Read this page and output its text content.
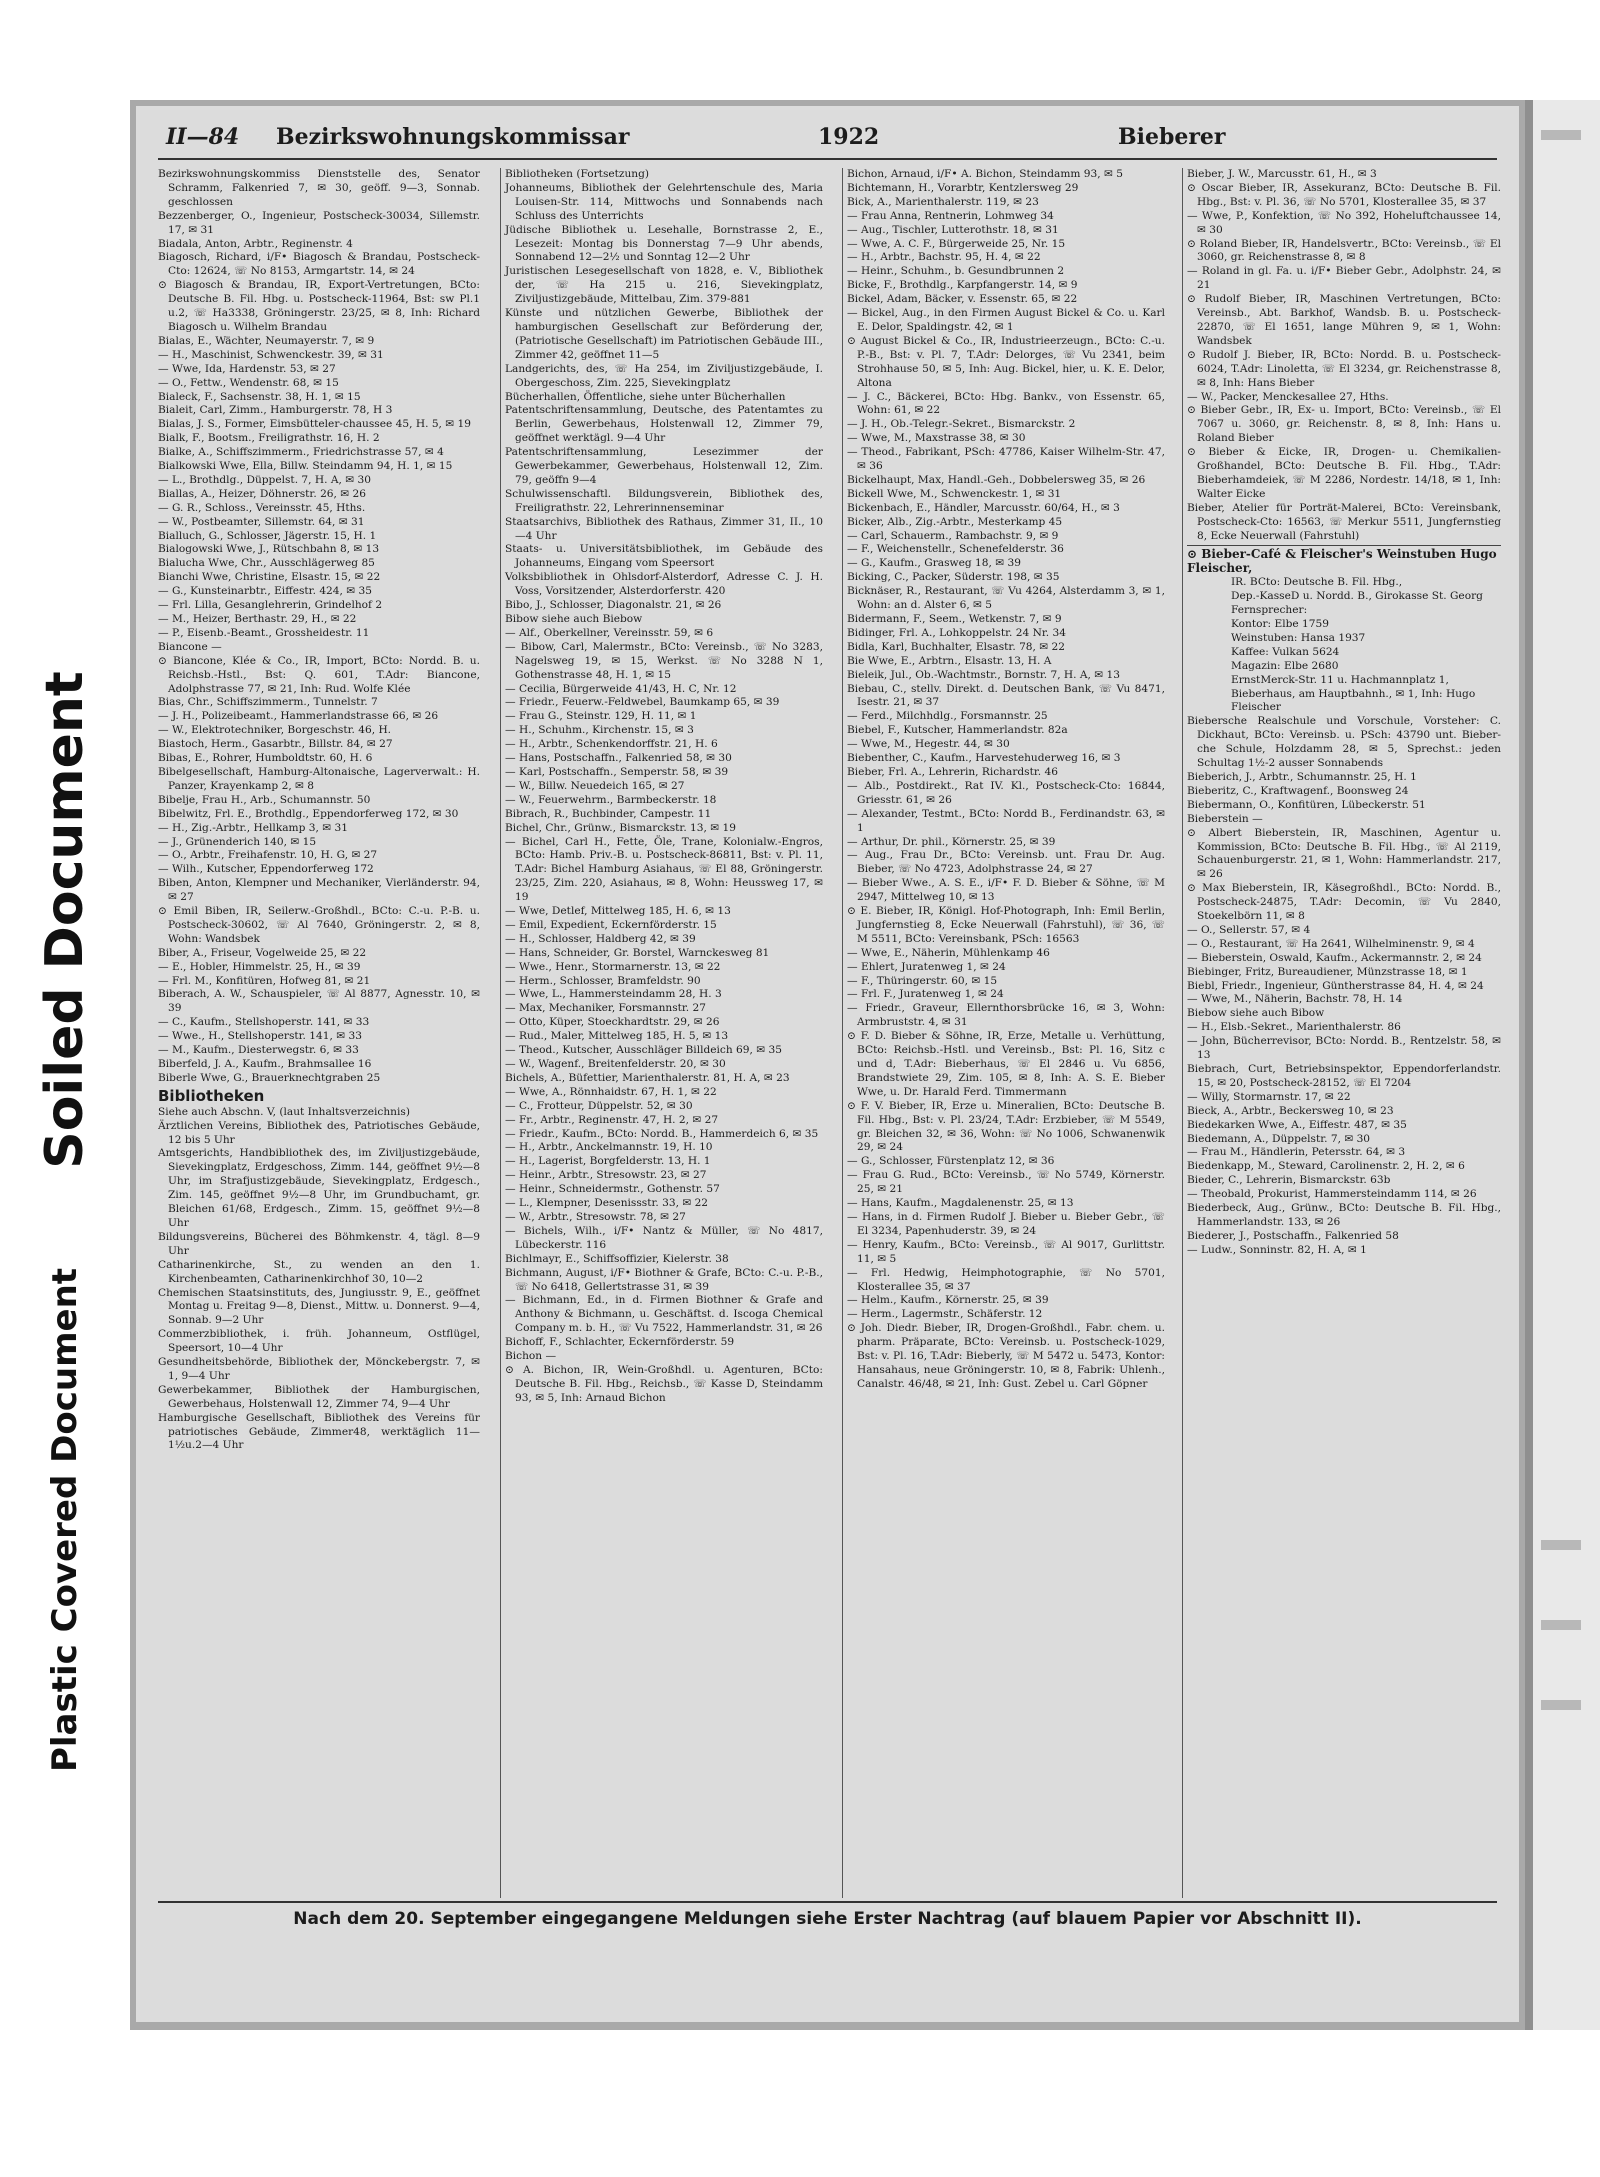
Soiled Document
Plastic Covered Document
II—84 Bezirkswohnungskommissar	1922	Bieberer
Bezirkswohnungskommiss Dienststelle des, Senator Schramm, Falkenried 7, ✉ 30, geöff. 9—3, Sonnab. geschlossen
Bezzenberger, O., Ingenieur, Postscheck-30034, Sillemstr. 17, ✉ 31
Biadala, Anton, Arbtr., Reginenstr. 4
Biagosch, Richard, i/F• Biagosch & Brandau, Postscheck-Cto: 12624, ☏ No 8153, Armgartstr. 14, ✉ 24
⊙ Biagosch & Brandau, IR, Export-Vertretungen, BCto: Deutsche B. Fil. Hbg. u. Postscheck-11964, Bst: sw Pl.1 u.2, ☏ Ha3338, Gröningerstr. 23/25, ✉ 8, Inh: Richard Biagosch u. Wilhelm Brandau
Bialas, E., Wächter, Neumayerstr. 7, ✉ 9
— H., Maschinist, Schwenckestr. 39, ✉ 31
— Wwe, Ida, Hardenstr. 53, ✉ 27
— O., Fettw., Wendenstr. 68, ✉ 15
Bialeck, F., Sachsenstr. 38, H. 1, ✉ 15
Bialeit, Carl, Zimm., Hamburgerstr. 78, H 3
Bialas, J. S., Former, Eimsbütteler-chaussee 45, H. 5, ✉ 19
Bialk, F., Bootsm., Freiligrathstr. 16, H. 2
Bialke, A., Schiffszimmerm., Friedrichstrasse 57, ✉ 4
Bialkowski Wwe, Ella, Billw. Steindamm 94, H. 1, ✉ 15
— L., Brothdlg., Düppelst. 7, H. A, ✉ 30
Biallas, A., Heizer, Döhnerstr. 26, ✉ 26
— G. R., Schloss., Vereinsstr. 45, Hths.
— W., Postbeamter, Sillemstr. 64, ✉ 31
Bialluch, G., Schlosser, Jägerstr. 15, H. 1
Bialogowski Wwe, J., Rütschbahn 8, ✉ 13
Bialucha Wwe, Chr., Ausschlägerweg 85
Bianchi Wwe, Christine, Elsastr. 15, ✉ 22
— G., Kunsteinarbtr., Eiffestr. 424, ✉ 35
— Frl. Lilla, Gesanglehrerin, Grindelhof 2
— M., Heizer, Berthastr. 29, H., ✉ 22
— P., Eisenb.-Beamt., Grossheidestr. 11
Biancone —
⊙ Biancone, Klée & Co., IR, Import, BCto: Nordd. B. u. Reichsb.-Hstl., Bst: Q. 601, T.Adr: Biancone, Adolphstrasse 77, ✉ 21, Inh: Rud. Wolfe Klée
Bias, Chr., Schiffszimmerm., Tunnelstr. 7
— J. H., Polizeibeamt., Hammerlandstrasse 66, ✉ 26
— W., Elektrotechniker, Borgeschstr. 46, H.
Biastoch, Herm., Gasarbtr., Billstr. 84, ✉ 27
Bibas, E., Rohrer, Humboldtstr. 60, H. 6
Bibelgesellschaft, Hamburg-Altonaische, Lagerverwalt.: H. Panzer, Krayenkamp 2, ✉ 8
Bibelje, Frau H., Arb., Schumannstr. 50
Bibelwitz, Frl. E., Brothdlg., Eppendorferweg 172, ✉ 30
— H., Zig.-Arbtr., Hellkamp 3, ✉ 31
— J., Grünenderich 140, ✉ 15
— O., Arbtr., Freihafenstr. 10, H. G, ✉ 27
— Wilh., Kutscher, Eppendorferweg 172
Biben, Anton, Klempner und Mechaniker, Vierländerstr. 94, ✉ 27
⊙ Emil Biben, IR, Seilerw.-Großhdl., BCto: C.-u. P.-B. u. Postscheck-30602, ☏ Al 7640, Gröningerstr. 2, ✉ 8, Wohn: Wandsbek
Biber, A., Friseur, Vogelweide 25, ✉ 22
— E., Hobler, Himmelstr. 25, H., ✉ 39
— Frl. M., Konfitüren, Hofweg 81, ✉ 21
Biberach, A. W., Schauspieler, ☏ Al 8877, Agnesstr. 10, ✉ 39
— C., Kaufm., Stellshoperstr. 141, ✉ 33
— Wwe., H., Stellshoperstr. 141, ✉ 33
— M., Kaufm., Diesterwegstr. 6, ✉ 33
Biberfeld, J. A., Kaufm., Brahmsallee 16
Biberle Wwe, G., Brauerknechtgraben 25
Bibliotheken
Siehe auch Abschn. V, (laut Inhaltsverzeichnis)
Ärztlichen Vereins, Bibliothek des, Patriotisches Gebäude, 12 bis 5 Uhr
Amtsgerichts, Handbibliothek des, im Ziviljustizgebäude, Sievekingplatz, Erdgeschoss, Zimm. 144, geöffnet 9½—8 Uhr, im Strafjustizgebäude, Sievekingplatz, Erdgesch., Zim. 145, geöffnet 9½—8 Uhr, im Grundbuchamt, gr. Bleichen 61/68, Erdgesch., Zimm. 15, geöffnet 9½—8 Uhr
Bildungsvereins, Bücherei des Böhmkenstr. 4, tägl. 8—9 Uhr
Catharinenkirche, St., zu wenden an den 1. Kirchenbeamten, Catharinenkirchhof 30, 10—2
Chemischen Staatsinstituts, des, Jungiusstr. 9, E., geöffnet Montag u. Freitag 9—8, Dienst., Mittw. u. Donnerst. 9—4, Sonnab. 9—2 Uhr
Commerzbibliothek, i. früh. Johanneum, Ostflügel, Speersort, 10—4 Uhr
Gesundheitsbehörde, Bibliothek der, Mönckebergstr. 7, ✉ 1, 9—4 Uhr
Gewerbekammer, Bibliothek der Hamburgischen, Gewerbehaus, Holstenwall 12, Zimmer 74, 9—4 Uhr
Hamburgische Gesellschaft, Bibliothek des Vereins für patriotisches Gebäude, Zimmer48, werktäglich 11—1½u.2—4 Uhr
Bibliotheken (Fortsetzung)
Johanneums, Bibliothek der Gelehrtenschule des, Maria Louisen-Str. 114, Mittwochs und Sonnabends nach Schluss des Unterrichts
Jüdische Bibliothek u. Lesehalle, Bornstrasse 2, E., Lesezeit: Montag bis Donnerstag 7—9 Uhr abends, Sonnabend 12—2½ und Sonntag 12—2 Uhr
Juristischen Lesegesellschaft von 1828, e. V., Bibliothek der, ☏ Ha 215 u. 216, Sievekingplatz, Ziviljustizgebäude, Mittelbau, Zim. 379-881
Künste und nützlichen Gewerbe, Bibliothek der hamburgischen Gesellschaft zur Beförderung der, (Patriotische Gesellschaft) im Patriotischen Gebäude III., Zimmer 42, geöffnet 11—5
Landgerichts, des, ☏ Ha 254, im Ziviljustizgebäude, I. Obergeschoss, Zim. 225, Sievekingplatz
Bücherhallen, Öffentliche, siehe unter Bücherhallen
Patentschriftensammlung, Deutsche, des Patentamtes zu Berlin, Gewerbehaus, Holstenwall 12, Zimmer 79, geöffnet werktägl. 9—4 Uhr
Patentschriftensammlung, Lesezimmer der Gewerbekammer, Gewerbehaus, Holstenwall 12, Zim. 79, geöffn 9—4
Schulwissenschaftl. Bildungsverein, Bibliothek des, Freiligrathstr. 22, Lehrerinnenseminar
Staatsarchivs, Bibliothek des Rathaus, Zimmer 31, II., 10—4 Uhr
Staats- u. Universitätsbibliothek, im Gebäude des Johanneums, Eingang vom Speersort
Volksbibliothek in Ohlsdorf-Alsterdorf, Adresse C. J. H. Voss, Vorsitzender, Alsterdorferstr. 420
Bibo, J., Schlosser, Diagonalstr. 21, ✉ 26
Bibow siehe auch Biebow
— Alf., Oberkellner, Vereinsstr. 59, ✉ 6
— Bibow, Carl, Malermstr., BCto: Vereinsb., ☏ No 3283, Nagelsweg 19, ✉ 15, Werkst. ☏ No 3288 N 1, Gothenstrasse 48, H. 1, ✉ 15
— Cecilia, Bürgerweide 41/43, H. C, Nr. 12
— Friedr., Feuerw.-Feldwebel, Baumkamp 65, ✉ 39
— Frau G., Steinstr. 129, H. 11, ✉ 1
— H., Schuhm., Kirchenstr. 15, ✉ 3
— H., Arbtr., Schenkendorffstr. 21, H. 6
— Hans, Postschaffn., Falkenried 58, ✉ 30
— Karl, Postschaffn., Semperstr. 58, ✉ 39
— W., Billw. Neuedeich 165, ✉ 27
— W., Feuerwehrm., Barmbeckerstr. 18
Bibrach, R., Buchbinder, Campestr. 11
Bichel, Chr., Grünw., Bismarckstr. 13, ✉ 19
— Bichel, Carl H., Fette, Öle, Trane, Kolonialw.-Engros, BCto: Hamb. Priv.-B. u. Postscheck-86811, Bst: v. Pl. 11, T.Adr: Bichel Hamburg Asiahaus, ☏ El 88, Gröningerstr. 23/25, Zim. 220, Asiahaus, ✉ 8, Wohn: Heussweg 17, ✉ 19
— Wwe, Detlef, Mittelweg 185, H. 6, ✉ 13
— Emil, Expedient, Eckernförderstr. 15
— H., Schlosser, Haldberg 42, ✉ 39
— Hans, Schneider, Gr. Borstel, Warnckesweg 81
— Wwe., Henr., Stormarnerstr. 13, ✉ 22
— Herm., Schlosser, Bramfeldstr. 90
— Wwe, L., Hammersteindamm 28, H. 3
— Max, Mechaniker, Forsmannstr. 27
— Otto, Küper, Stoeckhardtstr. 29, ✉ 26
— Rud., Maler, Mittelweg 185, H. 5, ✉ 13
— Theod., Kutscher, Ausschläger Billdeich 69, ✉ 35
— W., Wagenf., Breitenfelderstr. 20, ✉ 30
Bichels, A., Büfettier, Marienthalerstr. 81, H. A, ✉ 23
— Wwe, A., Rönnhaidstr. 67, H. 1, ✉ 22
— C., Frotteur, Düppelstr. 52, ✉ 30
— Fr., Arbtr., Reginenstr. 47, H. 2, ✉ 27
— Friedr., Kaufm., BCto: Nordd. B., Hammerdeich 6, ✉ 35
— H., Arbtr., Anckelmannstr. 19, H. 10
— H., Lagerist, Borgfelderstr. 13, H. 1
— Heinr., Arbtr., Stresowstr. 23, ✉ 27
— Heinr., Schneidermstr., Gothenstr. 57
— L., Klempner, Desenissstr. 33, ✉ 22
— W., Arbtr., Stresowstr. 78, ✉ 27
— Bichels, Wilh., i/F• Nantz & Müller, ☏ No 4817, Lübeckerstr. 116
Bichlmayr, E., Schiffsoffizier, Kielerstr. 38
Bichmann, August, i/F• Biothner & Grafe, BCto: C.-u. P.-B., ☏ No 6418, Gellertstrasse 31, ✉ 39
— Bichmann, Ed., in d. Firmen Biothner & Grafe and Anthony & Bichmann, u. Geschäftst. d. Iscoga Chemical Company m. b. H., ☏ Vu 7522, Hammerlandstr. 31, ✉ 26
Bichoff, F., Schlachter, Eckernförderstr. 59
Bichon —
⊙ A. Bichon, IR, Wein-Großhdl. u. Agenturen, BCto: Deutsche B. Fil. Hbg., Reichsb., ☏ Kasse D, Steindamm 93, ✉ 5, Inh: Arnaud Bichon
Bichon, Arnaud, i/F• A. Bichon, Steindamm 93, ✉ 5
Bichtemann, H., Vorarbtr, Kentzlersweg 29
Bick, A., Marienthalerstr. 119, ✉ 23
— Frau Anna, Rentnerin, Lohmweg 34
— Aug., Tischler, Lutterothstr. 18, ✉ 31
— Wwe, A. C. F., Bürgerweide 25, Nr. 15
— H., Arbtr., Bachstr. 95, H. 4, ✉ 22
— Heinr., Schuhm., b. Gesundbrunnen 2
Bicke, F., Brothdlg., Karpfangerstr. 14, ✉ 9
Bickel, Adam, Bäcker, v. Essenstr. 65, ✉ 22
— Bickel, Aug., in den Firmen August Bickel & Co. u. Karl E. Delor, Spaldingstr. 42, ✉ 1
⊙ August Bickel & Co., IR, Industrieerzeugn., BCto: C.-u. P.-B., Bst: v. Pl. 7, T.Adr: Delorges, ☏ Vu 2341, beim Strohhause 50, ✉ 5, Inh: Aug. Bickel, hier, u. K. E. Delor, Altona
— J. C., Bäckerei, BCto: Hbg. Bankv., von Essenstr. 65, Wohn: 61, ✉ 22
— J. H., Ob.-Telegr.-Sekret., Bismarckstr. 2
— Wwe, M., Maxstrasse 38, ✉ 30
— Theod., Fabrikant, PSch: 47786, Kaiser Wilhelm-Str. 47, ✉ 36
Bickelhaupt, Max, Handl.-Geh., Dobbelersweg 35, ✉ 26
Bickell Wwe, M., Schwenckestr. 1, ✉ 31
Bickenbach, E., Händler, Marcusstr. 60/64, H., ✉ 3
Bicker, Alb., Zig.-Arbtr., Mesterkamp 45
— Carl, Schauerm., Rambachstr. 9, ✉ 9
— F., Weichenstellr., Schenefelderstr. 36
— G., Kaufm., Grasweg 18, ✉ 39
Bicking, C., Packer, Süderstr. 198, ✉ 35
Bicknäser, R., Restaurant, ☏ Vu 4264, Alsterdamm 3, ✉ 1, Wohn: an d. Alster 6, ✉ 5
Bidermann, F., Seem., Wetkenstr. 7, ✉ 9
Bidinger, Frl. A., Lohkoppelstr. 24 Nr. 34
Bidla, Karl, Buchhalter, Elsastr. 78, ✉ 22
Bie Wwe, E., Arbtrn., Elsastr. 13, H. A
Bieleik, Jul., Ob.-Wachtmstr., Bornstr. 7, H. A, ✉ 13
Biebau, C., stellv. Direkt. d. Deutschen Bank, ☏ Vu 8471, Isestr. 21, ✉ 37
— Ferd., Milchhdlg., Forsmannstr. 25
Biebel, F., Kutscher, Hammerlandstr. 82a
— Wwe, M., Hegestr. 44, ✉ 30
Biebenther, C., Kaufm., Harvestehuderweg 16, ✉ 3
Bieber, Frl. A., Lehrerin, Richardstr. 46
— Alb., Postdirekt., Rat IV. Kl., Postscheck-Cto: 16844, Griesstr. 61, ✉ 26
— Alexander, Testmt., BCto: Nordd B., Ferdinandstr. 63, ✉ 1
— Arthur, Dr. phil., Körnerstr. 25, ✉ 39
— Aug., Frau Dr., BCto: Vereinsb. unt. Frau Dr. Aug. Bieber, ☏ No 4723, Adolphstrasse 24, ✉ 27
— Bieber Wwe., A. S. E., i/F• F. D. Bieber & Söhne, ☏ M 2947, Mittelweg 10, ✉ 13
⊙ E. Bieber, IR, Königl. Hof-Photograph, Inh: Emil Berlin, Jungfernstieg 8, Ecke Neuerwall (Fahrstuhl), ☏ 36, ☏ M 5511, BCto: Vereinsbank, PSch: 16563
— Wwe, E., Näherin, Mühlenkamp 46
— Ehlert, Juratenweg 1, ✉ 24
— F., Thüringerstr. 60, ✉ 15
— Frl. F., Juratenweg 1, ✉ 24
— Friedr., Graveur, Ellernthorsbrücke 16, ✉ 3, Wohn: Armbruststr. 4, ✉ 31
⊙ F. D. Bieber & Söhne, IR, Erze, Metalle u. Verhüttung, BCto: Reichsb.-Hstl. und Vereinsb., Bst: Pl. 16, Sitz c und d, T.Adr: Bieberhaus, ☏ El 2846 u. Vu 6856, Brandstwiete 29, Zim. 105, ✉ 8, Inh: A. S. E. Bieber Wwe, u. Dr. Harald Ferd. Timmermann
⊙ F. V. Bieber, IR, Erze u. Mineralien, BCto: Deutsche B. Fil. Hbg., Bst: v. Pl. 23/24, T.Adr: Erzbieber, ☏ M 5549, gr. Bleichen 32, ✉ 36, Wohn: ☏ No 1006, Schwanenwik 29, ✉ 24
— G., Schlosser, Fürstenplatz 12, ✉ 36
— Frau G. Rud., BCto: Vereinsb., ☏ No 5749, Körnerstr. 25, ✉ 21
— Hans, Kaufm., Magdalenenstr. 25, ✉ 13
— Hans, in d. Firmen Rudolf J. Bieber u. Bieber Gebr., ☏ El 3234, Papenhuderstr. 39, ✉ 24
— Henry, Kaufm., BCto: Vereinsb., ☏ Al 9017, Gurlittstr. 11, ✉ 5
— Frl. Hedwig, Heimphotographie, ☏ No 5701, Klosterallee 35, ✉ 37
— Helm., Kaufm., Körnerstr. 25, ✉ 39
— Herm., Lagermstr., Schäferstr. 12
⊙ Joh. Diedr. Bieber, IR, Drogen-Großhdl., Fabr. chem. u. pharm. Präparate, BCto: Vereinsb. u. Postscheck-1029, Bst: v. Pl. 16, T.Adr: Bieberly, ☏ M 5472 u. 5473, Kontor: Hansahaus, neue Gröningerstr. 10, ✉ 8, Fabrik: Uhlenh., Canalstr. 46/48, ✉ 21, Inh: Gust. Zebel u. Carl Göpner
Bieber, J. W., Marcusstr. 61, H., ✉ 3
⊙ Oscar Bieber, IR, Assekuranz, BCto: Deutsche B. Fil. Hbg., Bst: v. Pl. 36, ☏ No 5701, Klosterallee 35, ✉ 37
— Wwe, P., Konfektion, ☏ No 392, Hoheluftchaussee 14, ✉ 30
⊙ Roland Bieber, IR, Handelsvertr., BCto: Vereinsb., ☏ El 3060, gr. Reichenstrasse 8, ✉ 8
— Roland in gl. Fa. u. i/F• Bieber Gebr., Adolphstr. 24, ✉ 21
⊙ Rudolf Bieber, IR, Maschinen Vertretungen, BCto: Vereinsb., Abt. Barkhof, Wandsb. B. u. Postscheck-22870, ☏ El 1651, lange Mühren 9, ✉ 1, Wohn: Wandsbek
⊙ Rudolf J. Bieber, IR, BCto: Nordd. B. u. Postscheck-6024, T.Adr: Linoletta, ☏ El 3234, gr. Reichenstrasse 8, ✉ 8, Inh: Hans Bieber
— W., Packer, Menckesallee 27, Hths.
⊙ Bieber Gebr., IR, Ex- u. Import, BCto: Vereinsb., ☏ El 7067 u. 3060, gr. Reichenstr. 8, ✉ 8, Inh: Hans u. Roland Bieber
⊙ Bieber & Eicke, IR, Drogen- u. Chemikalien-Großhandel, BCto: Deutsche B. Fil. Hbg., T.Adr: Bieberhamdeiek, ☏ M 2286, Nordestr. 14/18, ✉ 1, Inh: Walter Eicke
Bieber, Atelier für Porträt-Malerei, BCto: Vereinsbank, Postscheck-Cto: 16563, ☏ Merkur 5511, Jungfernstieg 8, Ecke Neuerwall (Fahrstuhl)
⊙ Bieber-Café & Fleischer's Weinstuben Hugo Fleischer,
IR. BCto: Deutsche B. Fil. Hbg.,
Dep.-KasseD u. Nordd. B., Girokasse St. Georg
Fernsprecher:
Kontor: Elbe 1759
Weinstuben: Hansa 1937
Kaffee: Vulkan 5624
Magazin: Elbe 2680
ErnstMerck-Str. 11 u. Hachmannplatz 1, Bieberhaus, am Hauptbahnh., ✉ 1, Inh: Hugo Fleischer
Biebersche Realschule und Vorschule, Vorsteher: C. Dickhaut, BCto: Vereinsb. u. PSch: 43790 unt. Bieber-che Schule, Holzdamm 28, ✉ 5, Sprechst.: jeden Schultag 1½-2 ausser Sonnabends
Bieberich, J., Arbtr., Schumannstr. 25, H. 1
Bieberitz, C., Kraftwagenf., Boonsweg 24
Biebermann, O., Konfitüren, Lübeckerstr. 51
Bieberstein —
⊙ Albert Bieberstein, IR, Maschinen, Agentur u. Kommission, BCto: Deutsche B. Fil. Hbg., ☏ Al 2119, Schauenburgerstr. 21, ✉ 1, Wohn: Hammerlandstr. 217, ✉ 26
⊙ Max Bieberstein, IR, Käsegroßhdl., BCto: Nordd. B., Postscheck-24875, T.Adr: Decomin, ☏ Vu 2840, Stoekelbörn 11, ✉ 8
— O., Sellerstr. 57, ✉ 4
— O., Restaurant, ☏ Ha 2641, Wilhelminenstr. 9, ✉ 4
— Bieberstein, Oswald, Kaufm., Ackermannstr. 2, ✉ 24
Biebinger, Fritz, Bureaudiener, Münzstrasse 18, ✉ 1
Biebl, Friedr., Ingenieur, Güntherstrasse 84, H. 4, ✉ 24
— Wwe, M., Näherin, Bachstr. 78, H. 14
Biebow siehe auch Bibow
— H., Elsb.-Sekret., Marienthalerstr. 86
— John, Bücherrevisor, BCto: Nordd. B., Rentzelstr. 58, ✉ 13
Biebrach, Curt, Betriebsinspektor, Eppendorferlandstr. 15, ✉ 20, Postscheck-28152, ☏ El 7204
— Willy, Stormarnstr. 17, ✉ 22
Bieck, A., Arbtr., Beckersweg 10, ✉ 23
Biedekarken Wwe, A., Eiffestr. 487, ✉ 35
Biedemann, A., Düppelstr. 7, ✉ 30
— Frau M., Händlerin, Petersstr. 64, ✉ 3
Biedenkapp, M., Steward, Carolinenstr. 2, H. 2, ✉ 6
Bieder, C., Lehrerin, Bismarckstr. 63b
— Theobald, Prokurist, Hammersteindamm 114, ✉ 26
Biederbeck, Aug., Grünw., BCto: Deutsche B. Fil. Hbg., Hammerlandstr. 133, ✉ 26
Biederer, J., Postschaffn., Falkenried 58
— Ludw., Sonninstr. 82, H. A, ✉ 1
Nach dem 20. September eingegangene Meldungen siehe Erster Nachtrag (auf blauem Papier vor Abschnitt II).
